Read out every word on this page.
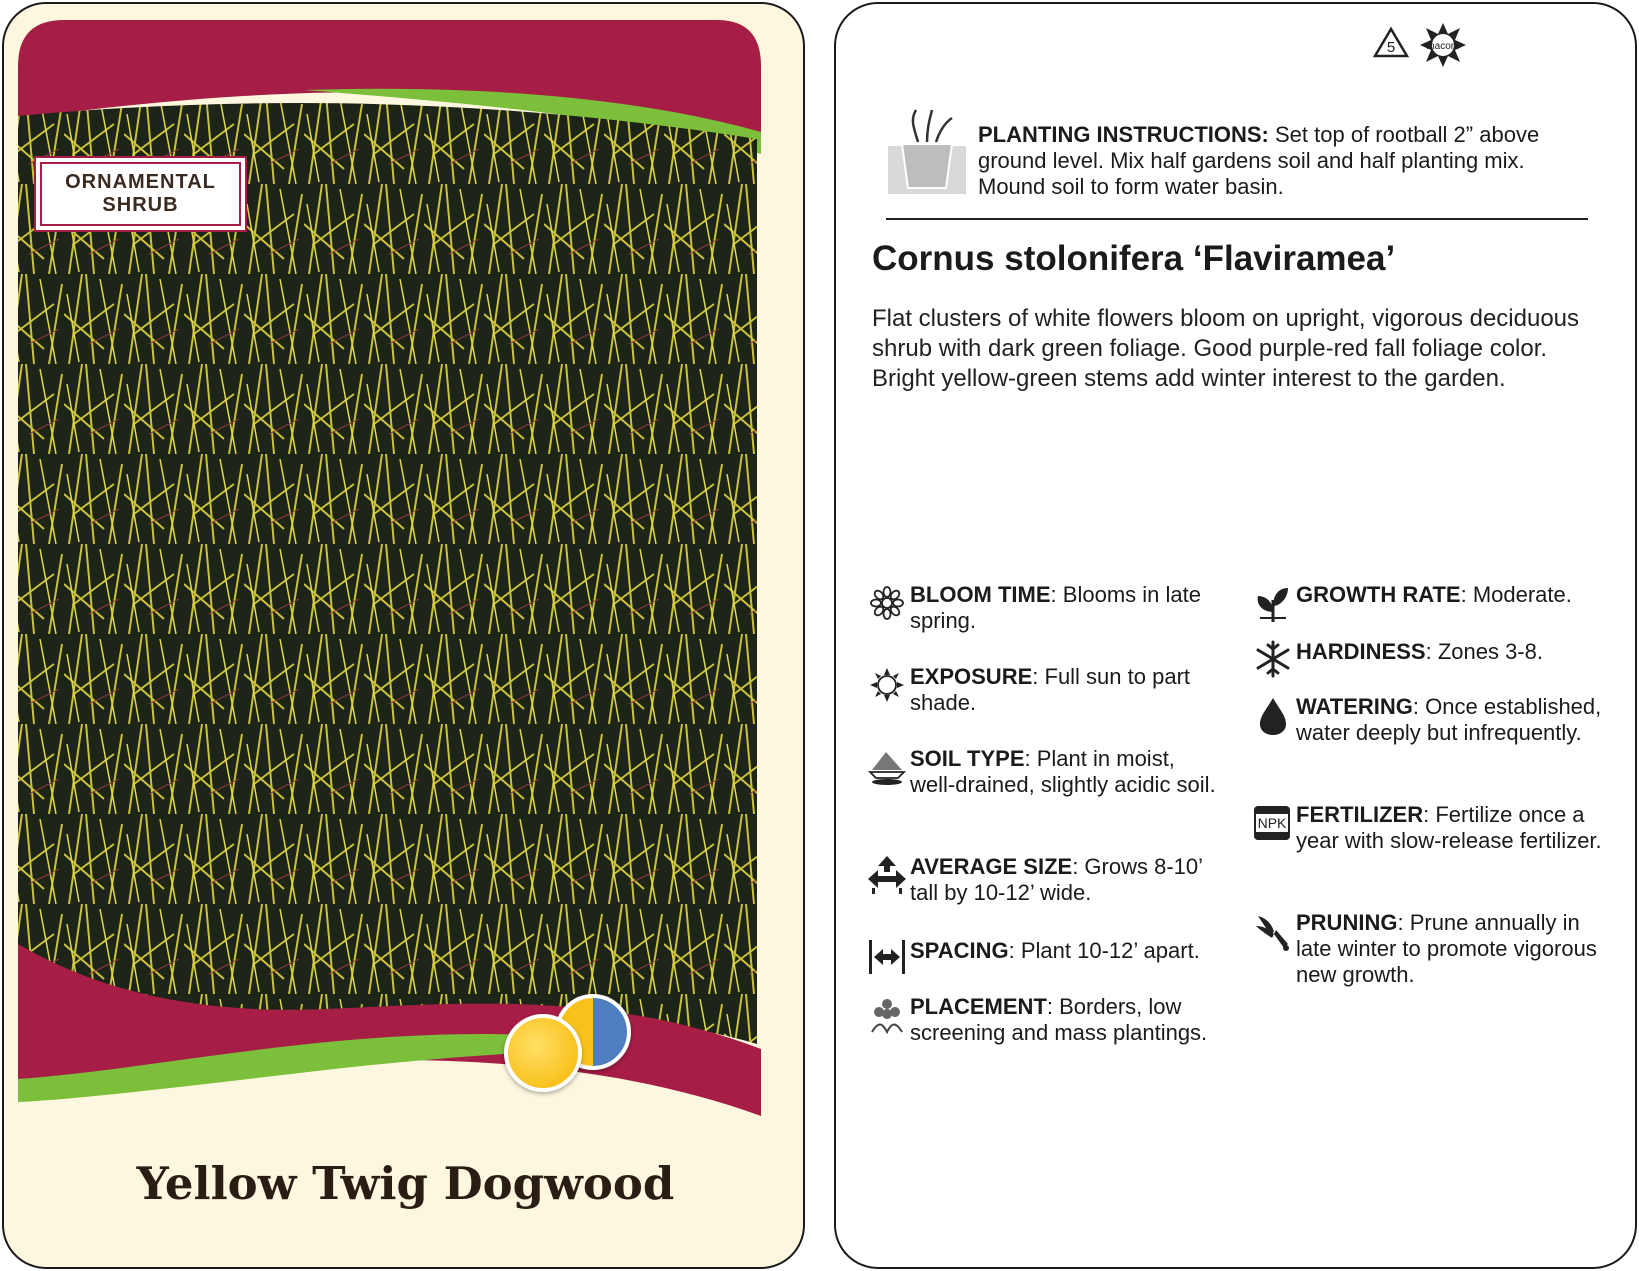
ORNAMENTAL
SHRUB
Yellow Twig Dogwood
5	macore
PLANTING INSTRUCTIONS: Set top of rootball 2” above ground level. Mix half gardens soil and half planting mix. Mound soil to form water basin.
Cornus stolonifera ‘Flaviramea’
Flat clusters of white flowers bloom on upright, vigorous deciduous shrub with dark green foliage. Good purple-red fall foliage color. Bright yellow-green stems add winter interest to the garden.
BLOOM TIME: Blooms in late spring.
EXPOSURE: Full sun to part shade.
SOIL TYPE: Plant in moist, well-drained, slightly acidic soil.
AVERAGE SIZE: Grows 8-10’ tall by 10-12’ wide.
SPACING: Plant 10-12’ apart.
PLACEMENT: Borders, low screening and mass plantings.
GROWTH RATE: Moderate.
HARDINESS: Zones 3-8.
WATERING: Once established, water deeply but infrequently.
NPK FERTILIZER: Fertilize once a year with slow-release fertilizer.
PRUNING: Prune annually in late winter to promote vigorous new growth.
